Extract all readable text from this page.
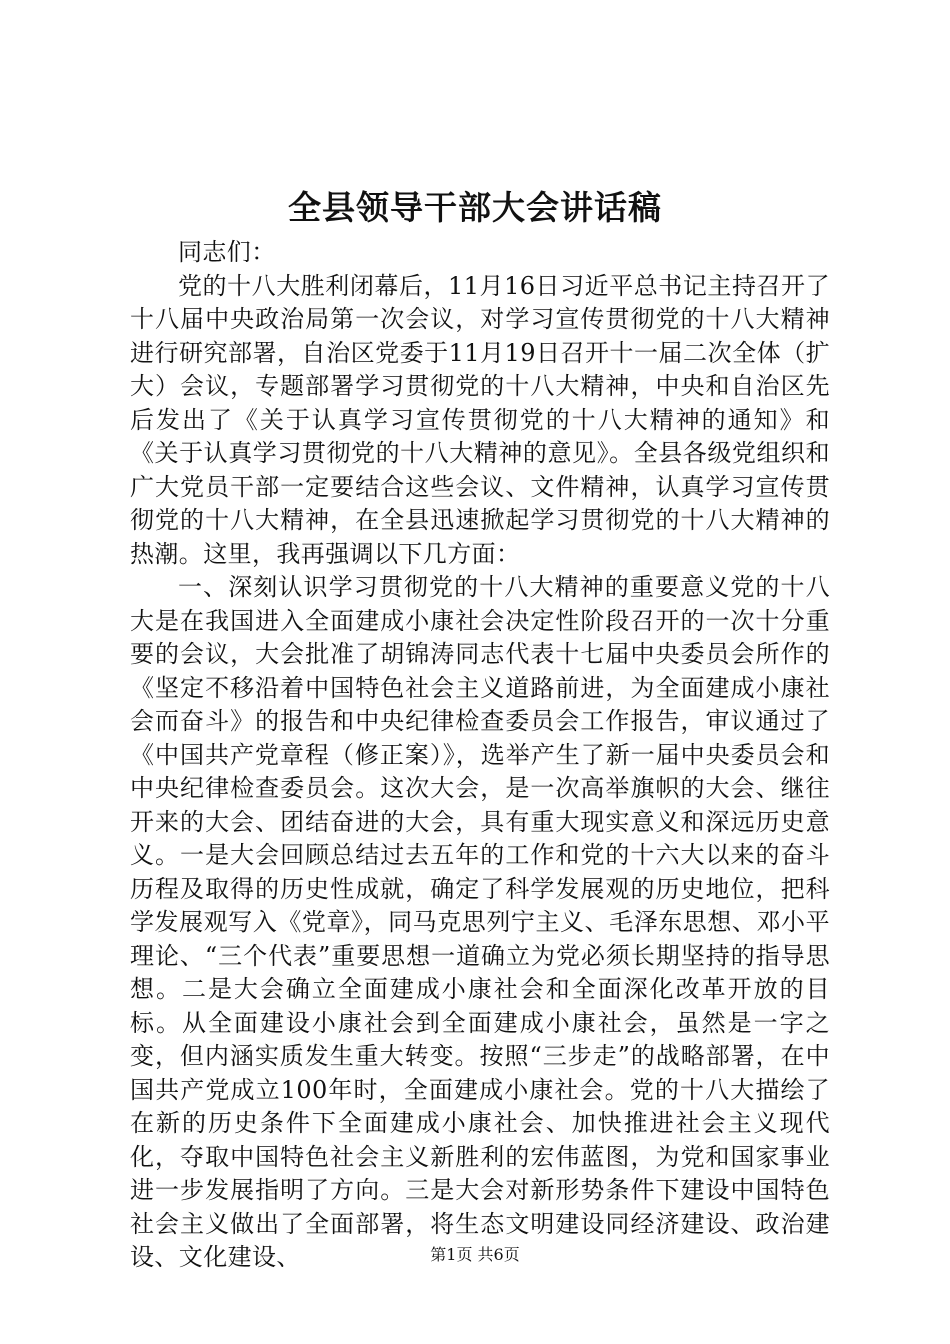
全县领导干部大会讲话稿

同志们：

党的十八大胜利闭幕后，11月16日习近平总书记主持召开了十八届中央政治局第一次会议，对学习宣传贯彻党的十八大精神进行研究部署，自治区党委于11月19日召开十一届二次全体（扩大）会议，专题部署学习贯彻党的十八大精神，中央和自治区先后发出了《关于认真学习宣传贯彻党的十八大精神的通知》和《关于认真学习贯彻党的十八大精神的意见》。全县各级党组织和广大党员干部一定要结合这些会议、文件精神，认真学习宣传贯彻党的十八大精神，在全县迅速掀起学习贯彻党的十八大精神的热潮。这里，我再强调以下几方面：

一、深刻认识学习贯彻党的十八大精神的重要意义党的十八大是在我国进入全面建成小康社会决定性阶段召开的一次十分重要的会议，大会批准了胡锦涛同志代表十七届中央委员会所作的《坚定不移沿着中国特色社会主义道路前进，为全面建成小康社会而奋斗》的报告和中央纪律检查委员会工作报告，审议通过了《中国共产党章程（修正案）》，选举产生了新一届中央委员会和中央纪律检查委员会。这次大会，是一次高举旗帜的大会、继往开来的大会、团结奋进的大会，具有重大现实意义和深远历史意义。一是大会回顾总结过去五年的工作和党的十六大以来的奋斗历程及取得的历史性成就，确定了科学发展观的历史地位，把科学发展观写入《党章》，同马克思列宁主义、毛泽东思想、邓小平理论、“三个代表”重要思想一道确立为党必须长期坚持的指导思想。二是大会确立全面建成小康社会和全面深化改革开放的目标。从全面建设小康社会到全面建成小康社会，虽然是一字之变，但内涵实质发生重大转变。按照“三步走”的战略部署，在中国共产党成立100年时，全面建成小康社会。党的十八大描绘了在新的历史条件下全面建成小康社会、加快推进社会主义现代化，夺取中国特色社会主义新胜利的宏伟蓝图，为党和国家事业进一步发展指明了方向。三是大会对新形势条件下建设中国特色社会主义做出了全面部署，将生态文明建设同经济建设、政治建设、文化建设、	第1页 共6页
